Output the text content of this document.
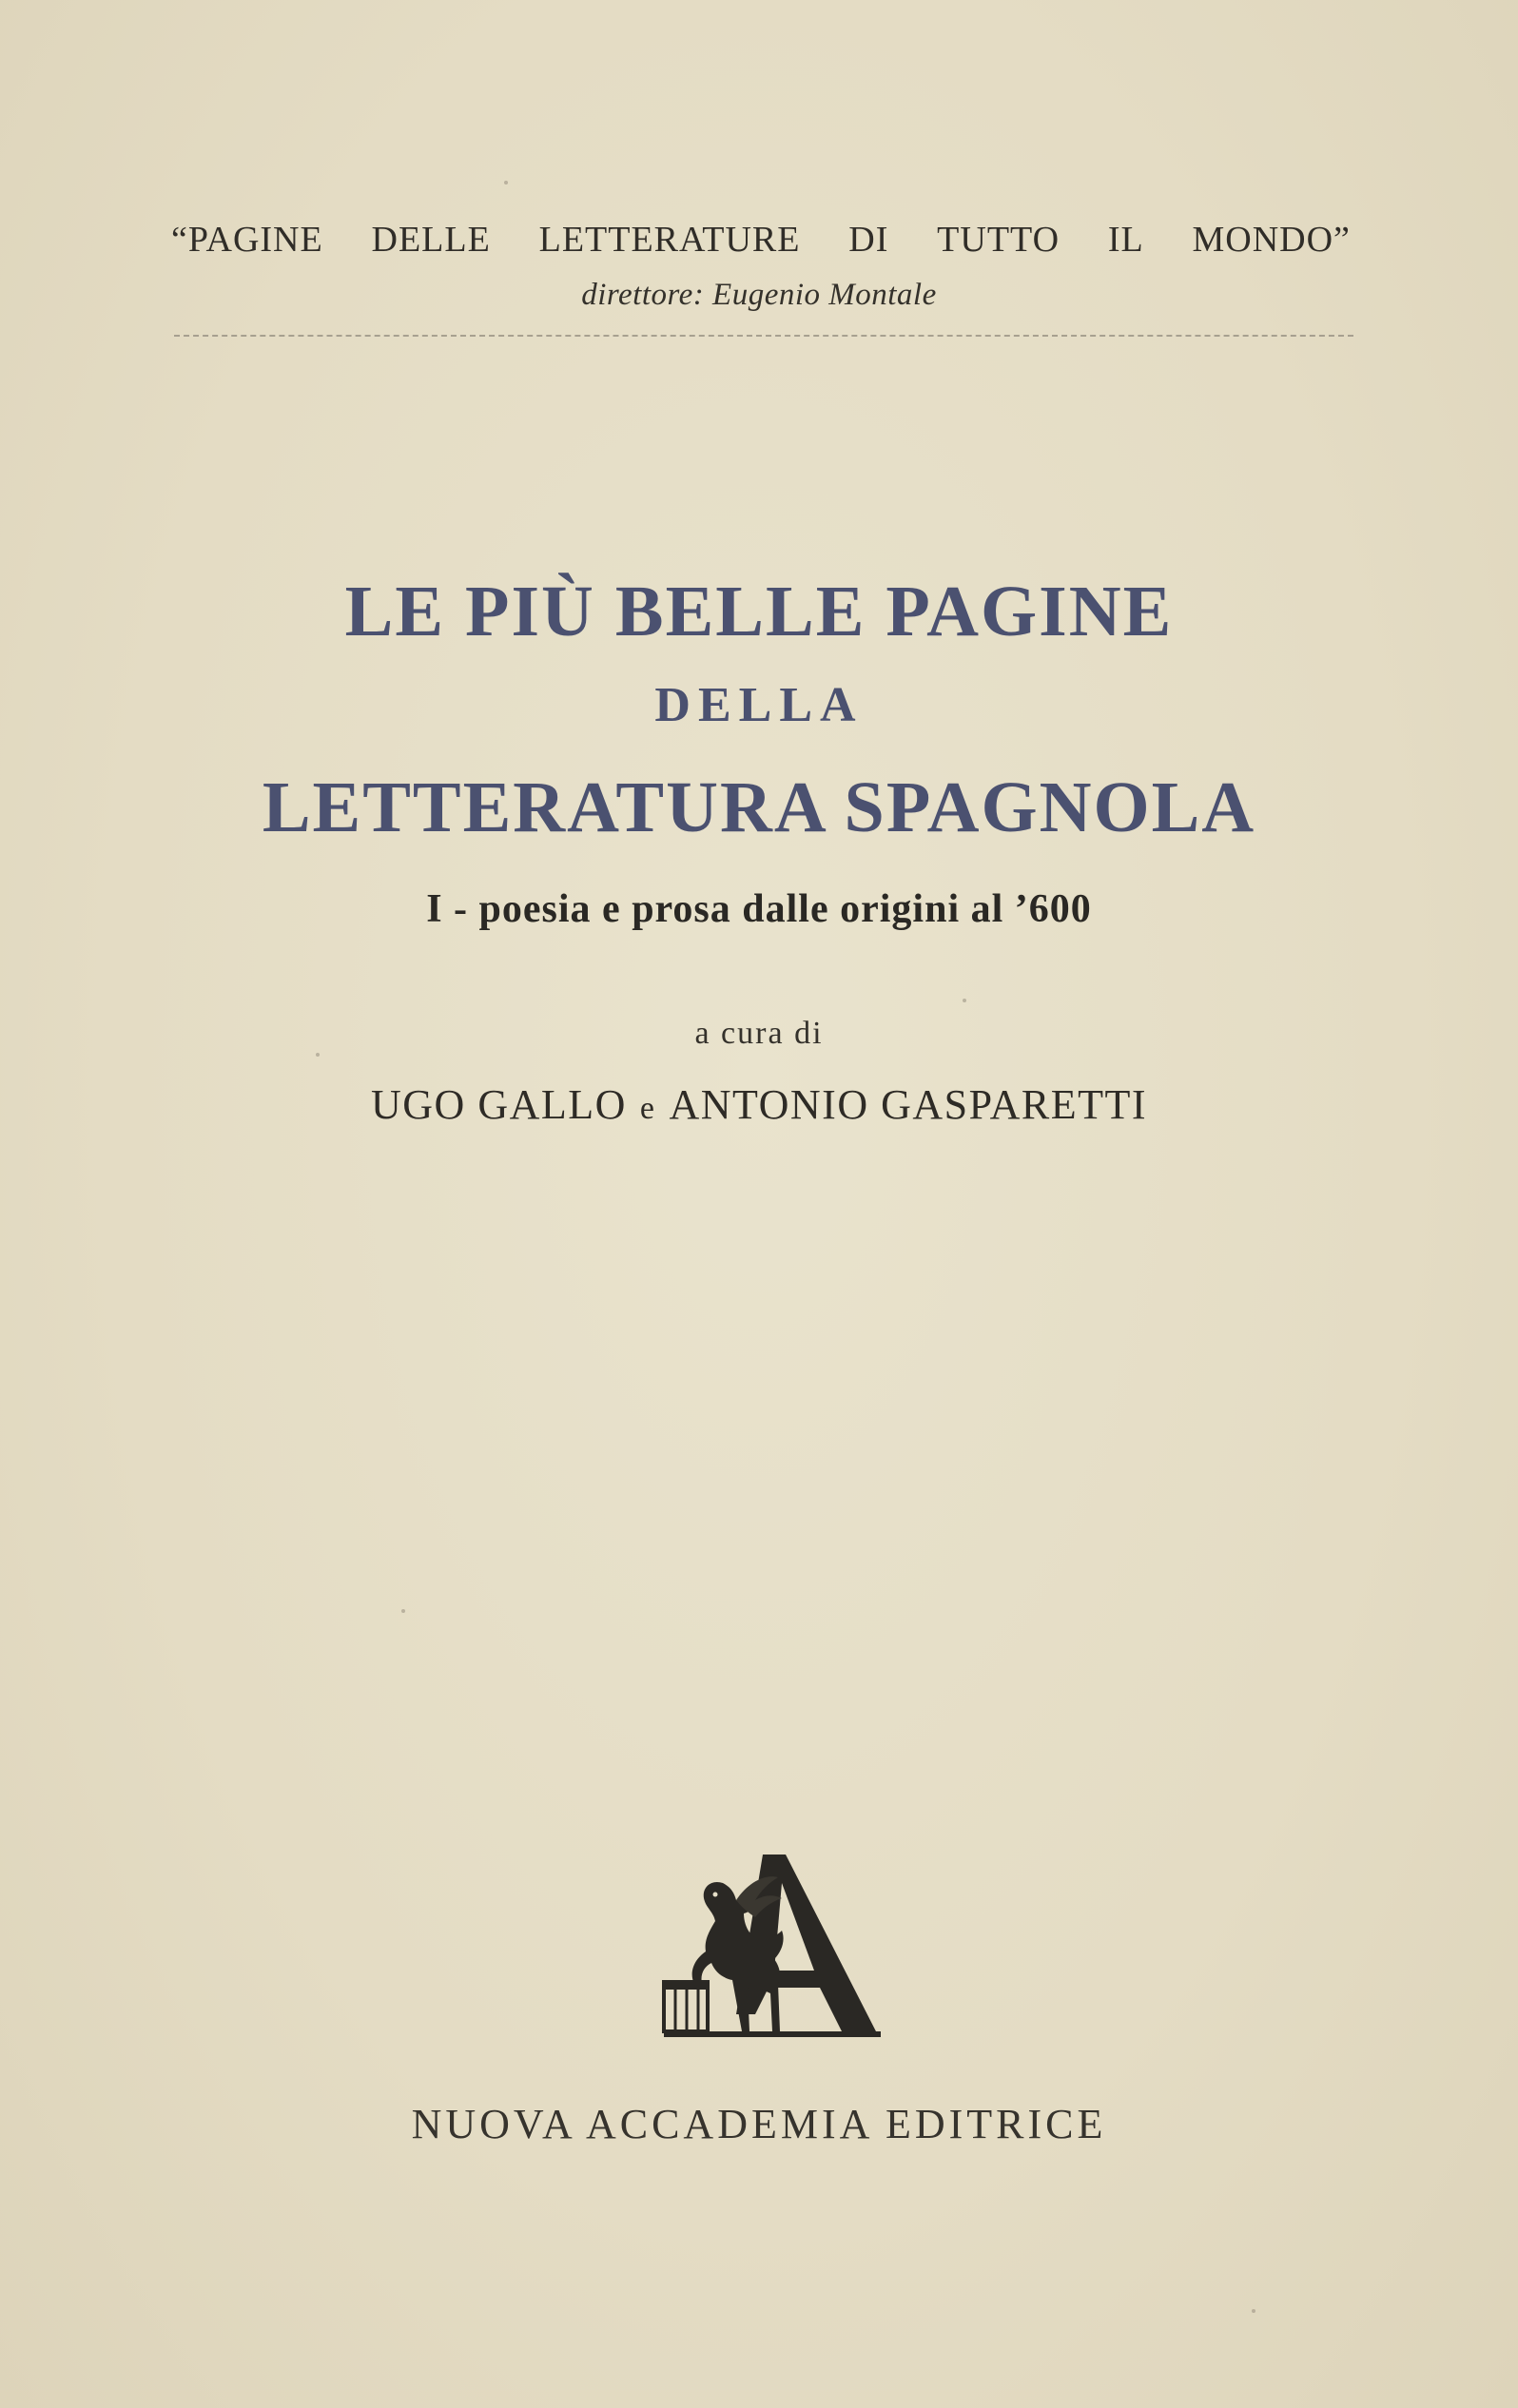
“PAGINE DELLE LETTERATURE DI TUTTO IL MONDO”
direttore: Eugenio Montale
LE PIÙ BELLE PAGINE
DELLA
LETTERATURA SPAGNOLA
I - poesia e prosa dalle origini al ’600
a cura di
UGO GALLO e ANTONIO GASPARETTI
NUOVA ACCADEMIA EDITRICE
